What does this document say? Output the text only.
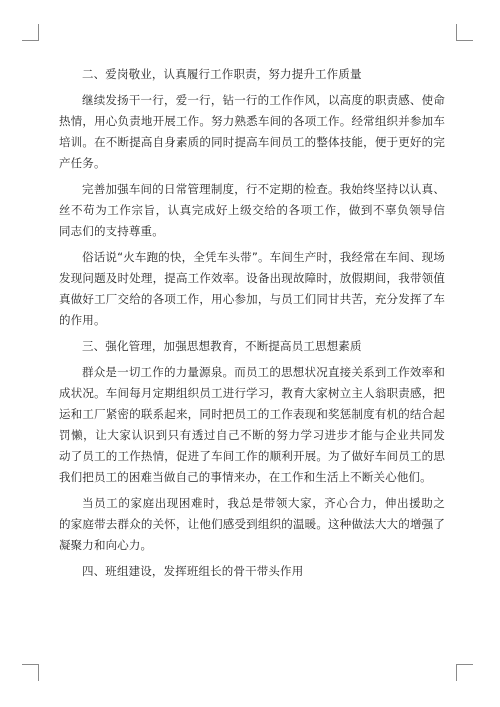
二、爱岗敬业，认真履行工作职责，努力提升工作质量
继续发扬干一行，爱一行，钻一行的工作作风，以高度的职责感、使命
热情，用心负责地开展工作。努力熟悉车间的各项工作。经常组织并参加车
培训。在不断提高自身素质的同时提高车间员工的整体技能，便于更好的完
产任务。
完善加强车间的日常管理制度，行不定期的检查。我始终坚持以认真、
丝不苟为工作宗旨，认真完成好上级交给的各项工作，做到不辜负领导信
同志们的支持尊重。
俗话说“火车跑的快，全凭车头带”。车间生产时，我经常在车间、现场
发现问题及时处理，提高工作效率。设备出现故障时，放假期间，我带领值
真做好工厂交给的各项工作，用心参加，与员工们同甘共苦，充分发挥了车
的作用。
三、强化管理，加强思想教育，不断提高员工思想素质
群众是一切工作的力量源泉。而员工的思想状况直接关系到工作效率和
成状况。车间每月定期组织员工进行学习，教育大家树立主人翁职责感，把
运和工厂紧密的联系起来，同时把员工的工作表现和奖惩制度有机的结合起
罚懒，让大家认识到只有透过自己不断的努力学习进步才能与企业共同发
动了员工的工作热情，促进了车间工作的顺利开展。为了做好车间员工的思
我们把员工的困难当做自己的事情来办，在工作和生活上不断关心他们。
当员工的家庭出现困难时，我总是带领大家，齐心合力，伸出援助之
的家庭带去群众的关怀，让他们感受到组织的温暖。这种做法大大的增强了
凝聚力和向心力。
四、班组建设，发挥班组长的骨干带头作用
